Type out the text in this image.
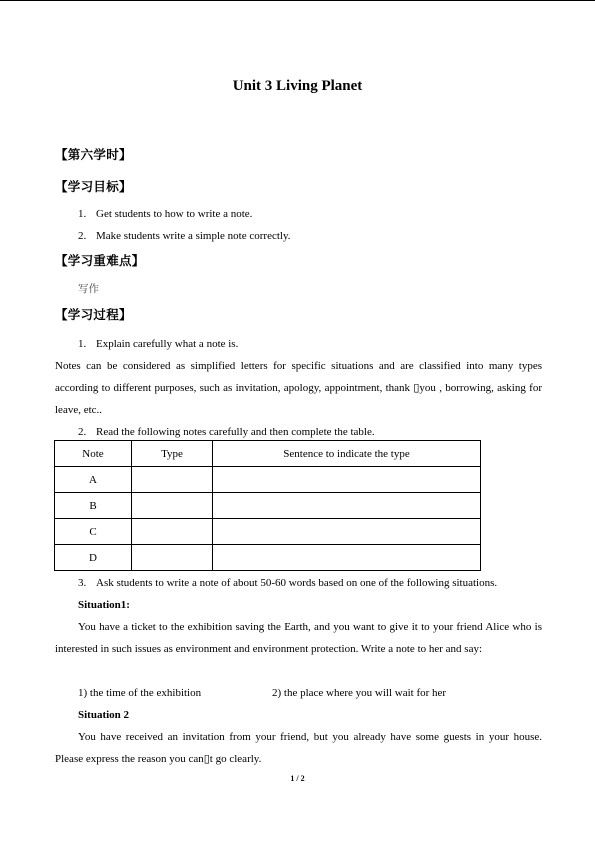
Unit 3 Living Planet
【第六学时】
【学习目标】
1. Get students to how to write a note.
2. Make students write a simple note correctly.
【学习重难点】
写作
【学习过程】
1. Explain carefully what a note is.
Notes can be considered as simplified letters for specific situations and are classified into many types according to different purposes, such as invitation, apology, appointment, thank ▯you , borrowing, asking for leave, etc..
2. Read the following notes carefully and then complete the table.
Note	Type	Sentence to indicate the type
A		
B		
C		
D		
3. Ask students to write a note of about 50-60 words based on one of the following situations.
Situation1:
You have a ticket to the exhibition saving the Earth, and you want to give it to your friend Alice who is interested in such issues as environment and environment protection. Write a note to her and say:
1) the time of the exhibition	2) the place where you will wait for her
Situation 2
You have received an invitation from your friend, but you already have some guests in your house. Please express the reason you can▯t go clearly.
1 / 2
